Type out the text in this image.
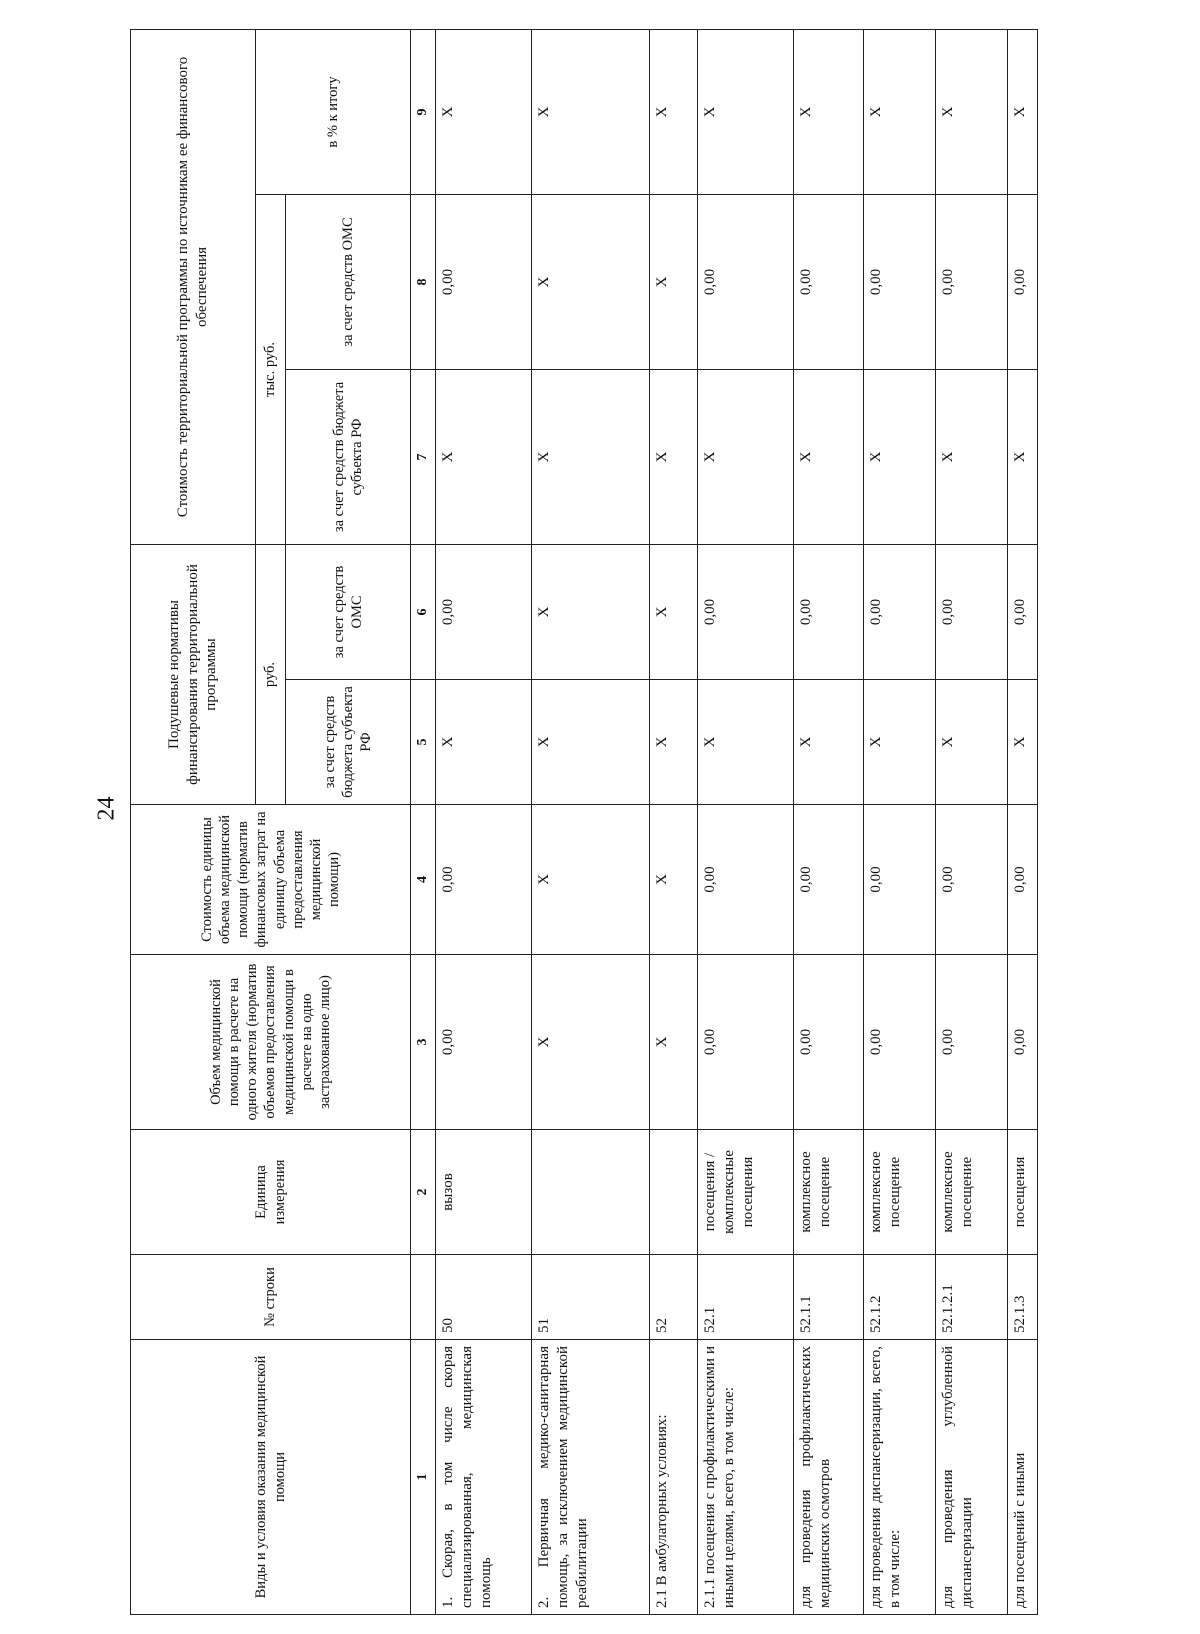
24
Виды и условия оказания медицинской помощи	№ строки	Единица измерения	Объем медицинской помощи в расчете на одного жителя (норматив объемов предоставления медицинской помощи в расчете на одно застрахованное лицо)	Стоимость единицы объема медицинской помощи (норматив финансовых затрат на единицу объема предоставления медицинской помощи)	Подушевые нормативы финансирования территориальной программы		Стоимость территориальной программы по источникам ее финансового обеспечения		
					руб.		тыс. руб.		в % к итогу
					за счет средств бюджета субъекта РФ	за счет средств ОМС	за счет средств бюджета субъекта РФ	за счет средств ОМС	
1		2	3	4	5	6	7	8	9
1. Скорая, в том числе скорая специализированная, медицинская помощь	50	вызов	0,00	0,00	X	0,00	X	0,00	X
2. Первичная медико-санитарная помощь, за исключением медицинской реабилитации	51		X	X	X	X	X	X	X
2.1 В амбулаторных условиях:	52		X	X	X	X	X	X	X
2.1.1 посещения с профилактическими и иными целями, всего, в том числе:	52.1	посещения / комплексные посещения	0,00	0,00	X	0,00	X	0,00	X
для проведения профилактических медицинских осмотров	52.1.1	комплексное посещение	0,00	0,00	X	0,00	X	0,00	X
для проведения диспансеризации, всего, в том числе:	52.1.2	комплексное посещение	0,00	0,00	X	0,00	X	0,00	X
для проведения углубленной диспансеризации	52.1.2.1	комплексное посещение	0,00	0,00	X	0,00	X	0,00	X
для посещений с иными	52.1.3	посещения	0,00	0,00	X	0,00	X	0,00	X
